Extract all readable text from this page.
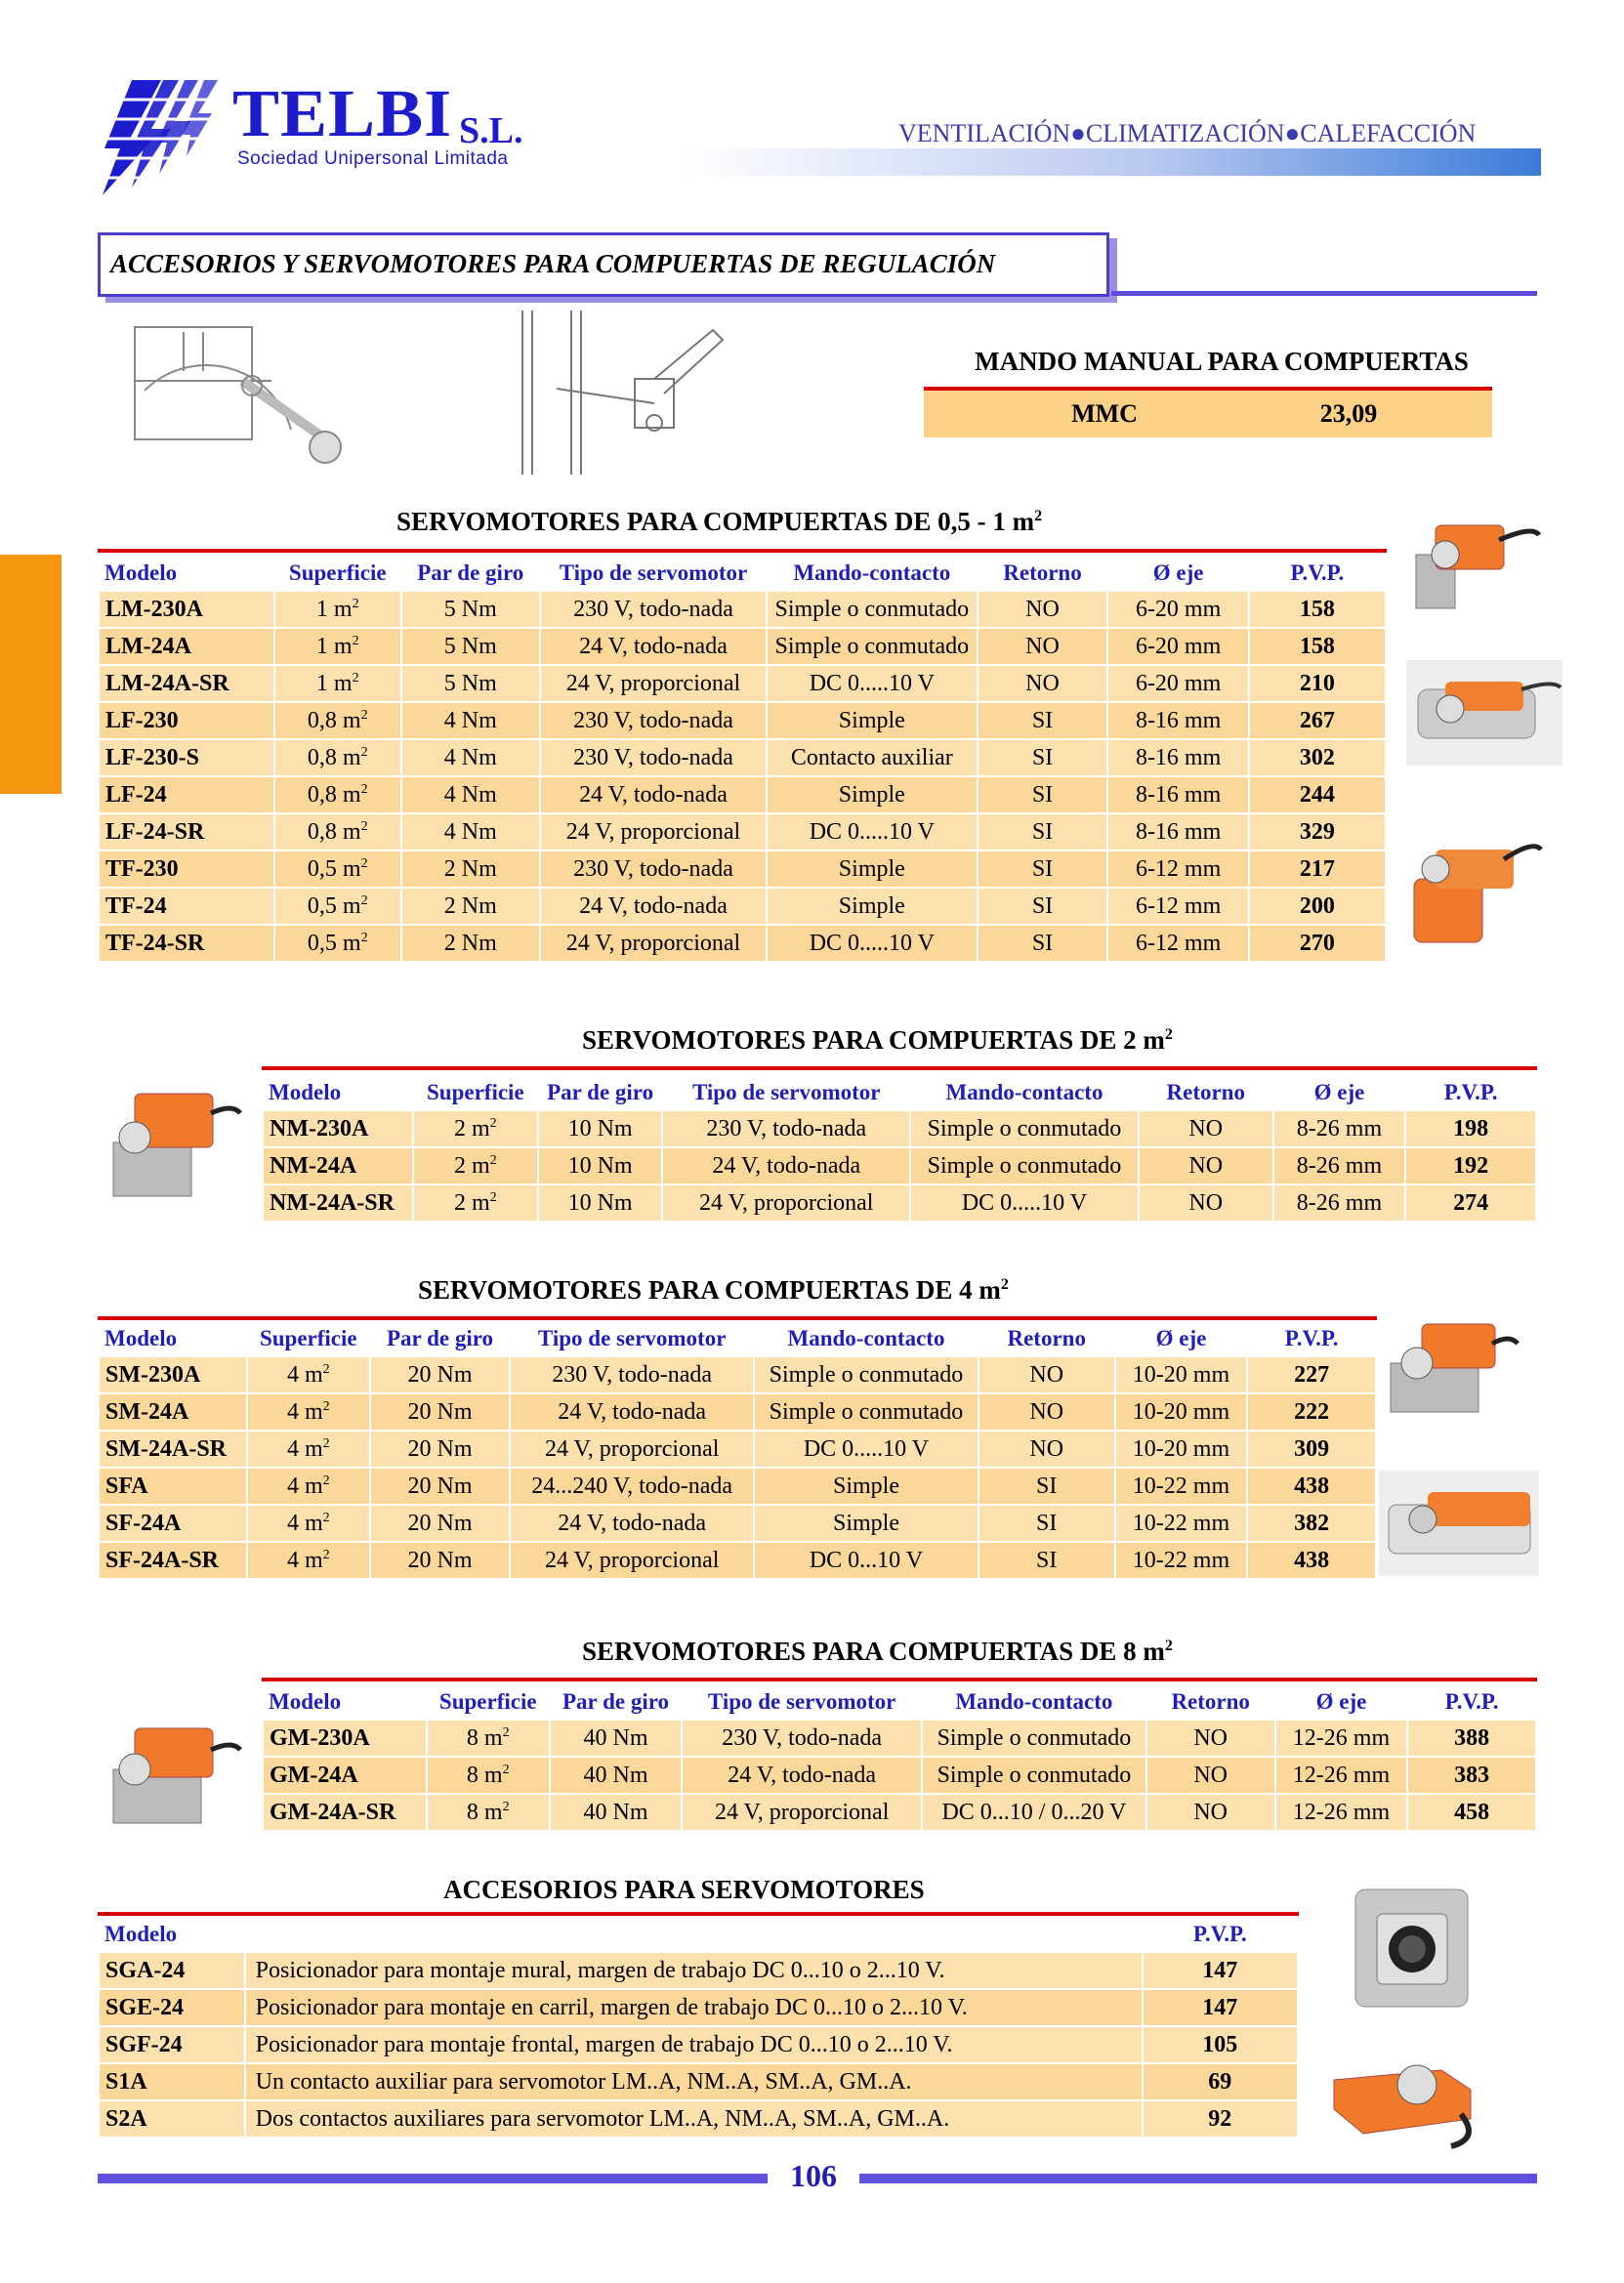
TELBI S.L.
Sociedad Unipersonal Limitada
VENTILACIÓN●CLIMATIZACIÓN●CALEFACCIÓN
ACCESORIOS Y SERVOMOTORES PARA COMPUERTAS DE REGULACIÓN
MANDO MANUAL PARA COMPUERTAS
MMC	23,09
SERVOMOTORES PARA COMPUERTAS DE 0,5 - 1 $m^2$
Modelo	Superficie	Par de giro	Tipo de servomotor	Mando-contacto	Retorno	Ø eje	P.V.P.
LM-230A	1 $m^2$	5 Nm	230 V, todo-nada	Simple o conmutado	NO	6-20 mm	158
LM-24A	1 $m^2$	5 Nm	24 V, todo-nada	Simple o conmutado	NO	6-20 mm	158
LM-24A-SR	1 $m^2$	5 Nm	24 V, proporcional	DC 0.....10 V	NO	6-20 mm	210
LF-230	0,8 $m^2$	4 Nm	230 V, todo-nada	Simple	SI	8-16 mm	267
LF-230-S	0,8 $m^2$	4 Nm	230 V, todo-nada	Contacto auxiliar	SI	8-16 mm	302
LF-24	0,8 $m^2$	4 Nm	24 V, todo-nada	Simple	SI	8-16 mm	244
LF-24-SR	0,8 $m^2$	4 Nm	24 V, proporcional	DC 0.....10 V	SI	8-16 mm	329
TF-230	0,5 $m^2$	2 Nm	230 V, todo-nada	Simple	SI	6-12 mm	217
TF-24	0,5 $m^2$	2 Nm	24 V, todo-nada	Simple	SI	6-12 mm	200
TF-24-SR	0,5 $m^2$	2 Nm	24 V, proporcional	DC 0.....10 V	SI	6-12 mm	270
SERVOMOTORES PARA COMPUERTAS DE 2 $m^2$
Modelo	Superficie	Par de giro	Tipo de servomotor	Mando-contacto	Retorno	Ø eje	P.V.P.
NM-230A	2 $m^2$	10 Nm	230 V, todo-nada	Simple o conmutado	NO	8-26 mm	198
NM-24A	2 $m^2$	10 Nm	24 V, todo-nada	Simple o conmutado	NO	8-26 mm	192
NM-24A-SR	2 $m^2$	10 Nm	24 V, proporcional	DC 0.....10 V	NO	8-26 mm	274
SERVOMOTORES PARA COMPUERTAS DE 4 $m^2$
Modelo	Superficie	Par de giro	Tipo de servomotor	Mando-contacto	Retorno	Ø eje	P.V.P.
SM-230A	4 $m^2$	20 Nm	230 V, todo-nada	Simple o conmutado	NO	10-20 mm	227
SM-24A	4 $m^2$	20 Nm	24 V, todo-nada	Simple o conmutado	NO	10-20 mm	222
SM-24A-SR	4 $m^2$	20 Nm	24 V, proporcional	DC 0.....10 V	NO	10-20 mm	309
SFA	4 $m^2$	20 Nm	24...240 V, todo-nada	Simple	SI	10-22 mm	438
SF-24A	4 $m^2$	20 Nm	24 V, todo-nada	Simple	SI	10-22 mm	382
SF-24A-SR	4 $m^2$	20 Nm	24 V, proporcional	DC 0...10 V	SI	10-22 mm	438
SERVOMOTORES PARA COMPUERTAS DE 8 $m^2$
Modelo	Superficie	Par de giro	Tipo de servomotor	Mando-contacto	Retorno	Ø eje	P.V.P.
GM-230A	8 $m^2$	40 Nm	230 V, todo-nada	Simple o conmutado	NO	12-26 mm	388
GM-24A	8 $m^2$	40 Nm	24 V, todo-nada	Simple o conmutado	NO	12-26 mm	383
GM-24A-SR	8 $m^2$	40 Nm	24 V, proporcional	DC 0...10 / 0...20 V	NO	12-26 mm	458
ACCESORIOS PARA SERVOMOTORES
Modelo		P.V.P.
SGA-24	Posicionador para montaje mural, margen de trabajo DC 0...10 o 2...10 V.	147
SGE-24	Posicionador para montaje en carril, margen de trabajo DC 0...10 o 2...10 V.	147
SGF-24	Posicionador para montaje frontal, margen de trabajo DC 0...10 o 2...10 V.	105
S1A	Un contacto auxiliar para servomotor LM..A, NM..A, SM..A, GM..A.	69
S2A	Dos contactos auxiliares para servomotor LM..A, NM..A, SM..A, GM..A.	92
106
